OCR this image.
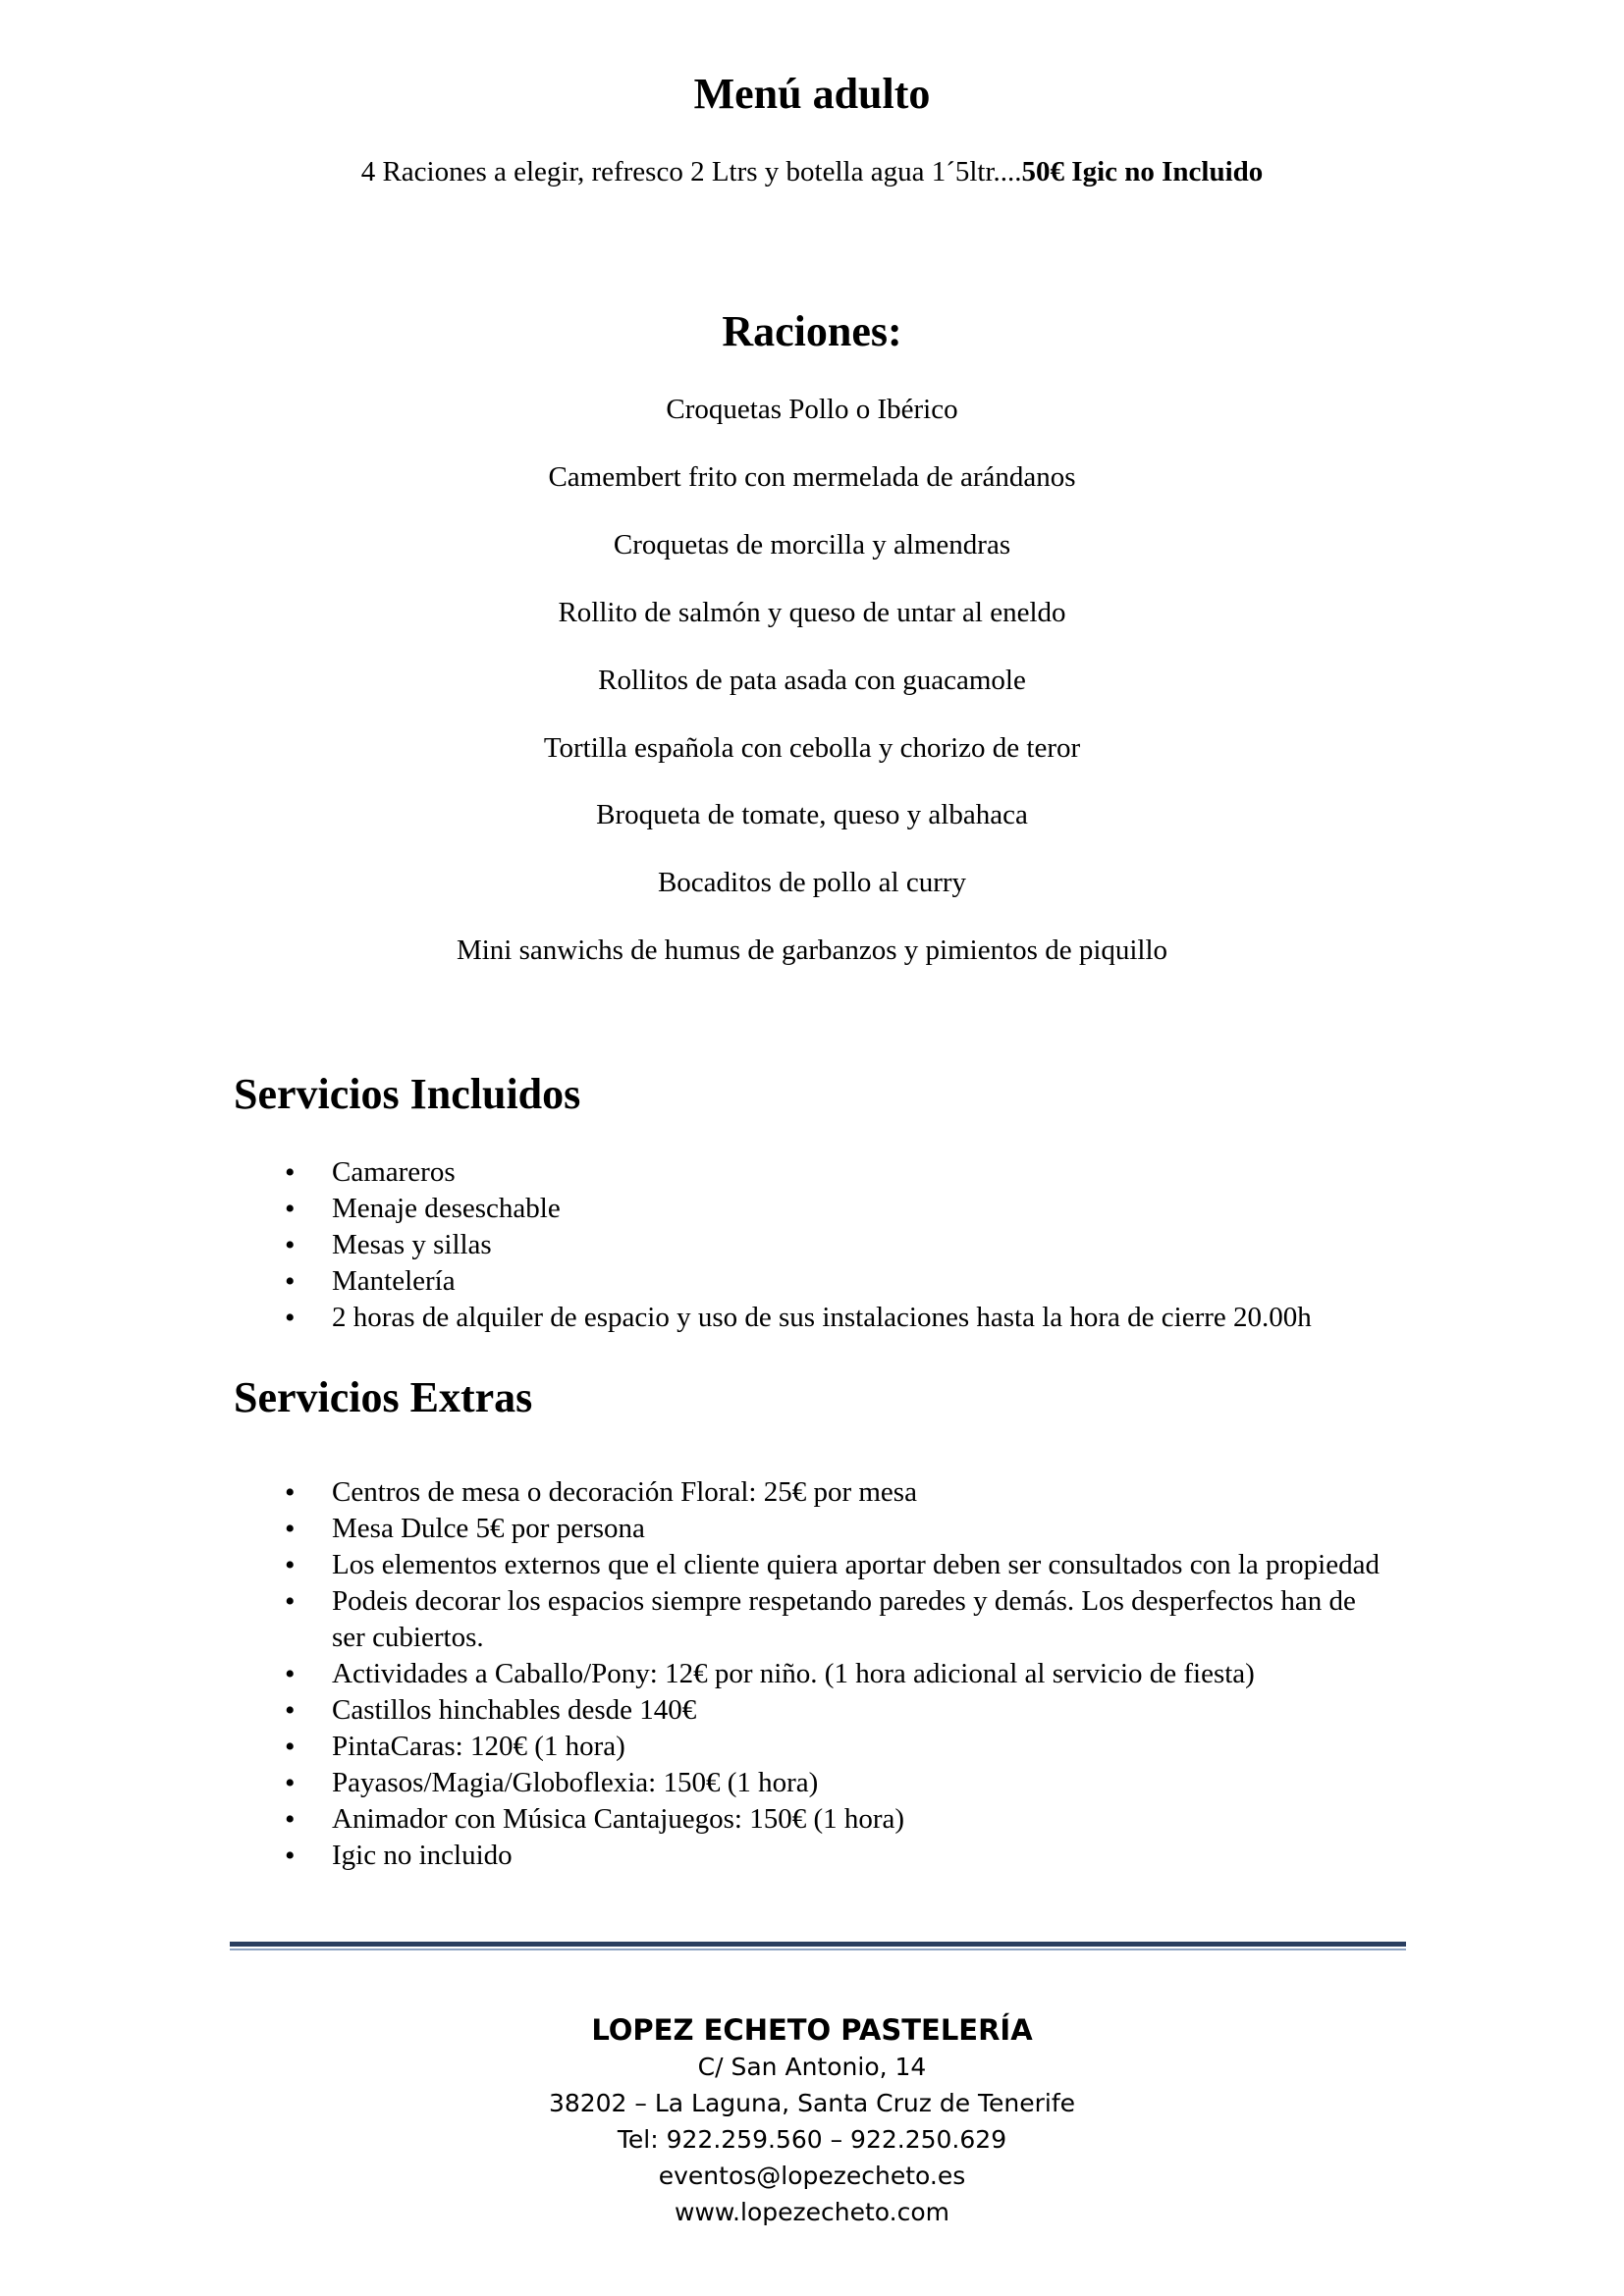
Menú adulto
4 Raciones a elegir, refresco 2 Ltrs y botella agua 1´5ltr....50€ Igic no Incluido
Raciones:
Croquetas Pollo o Ibérico
Camembert frito con mermelada de arándanos
Croquetas de morcilla y almendras
Rollito de salmón y queso de untar al eneldo
Rollitos de pata asada con guacamole
Tortilla española con cebolla y chorizo de teror
Broqueta de tomate, queso y albahaca
Bocaditos de pollo al curry
Mini sanwichs de humus de garbanzos y pimientos de piquillo
Servicios Incluidos
• Camareros
• Menaje deseschable
• Mesas y sillas
• Mantelería
• 2 horas de alquiler de espacio y uso de sus instalaciones hasta la hora de cierre 20.00h
Servicios Extras
• Centros de mesa o decoración Floral: 25€ por mesa
• Mesa Dulce 5€ por persona
• Los elementos externos que el cliente quiera aportar deben ser consultados con la propiedad
• Podeis decorar los espacios siempre respetando paredes y demás. Los desperfectos han de ser cubiertos.
• Actividades a Caballo/Pony: 12€ por niño. (1 hora adicional al servicio de fiesta)
• Castillos hinchables desde 140€
• PintaCaras: 120€ (1 hora)
• Payasos/Magia/Globoflexia: 150€ (1 hora)
• Animador con Música Cantajuegos: 150€ (1 hora)
• Igic no incluido
LOPEZ ECHETO PASTELERÍA
C/ San Antonio, 14
38202 – La Laguna, Santa Cruz de Tenerife
Tel: 922.259.560 – 922.250.629
eventos@lopezecheto.es
www.lopezecheto.com
